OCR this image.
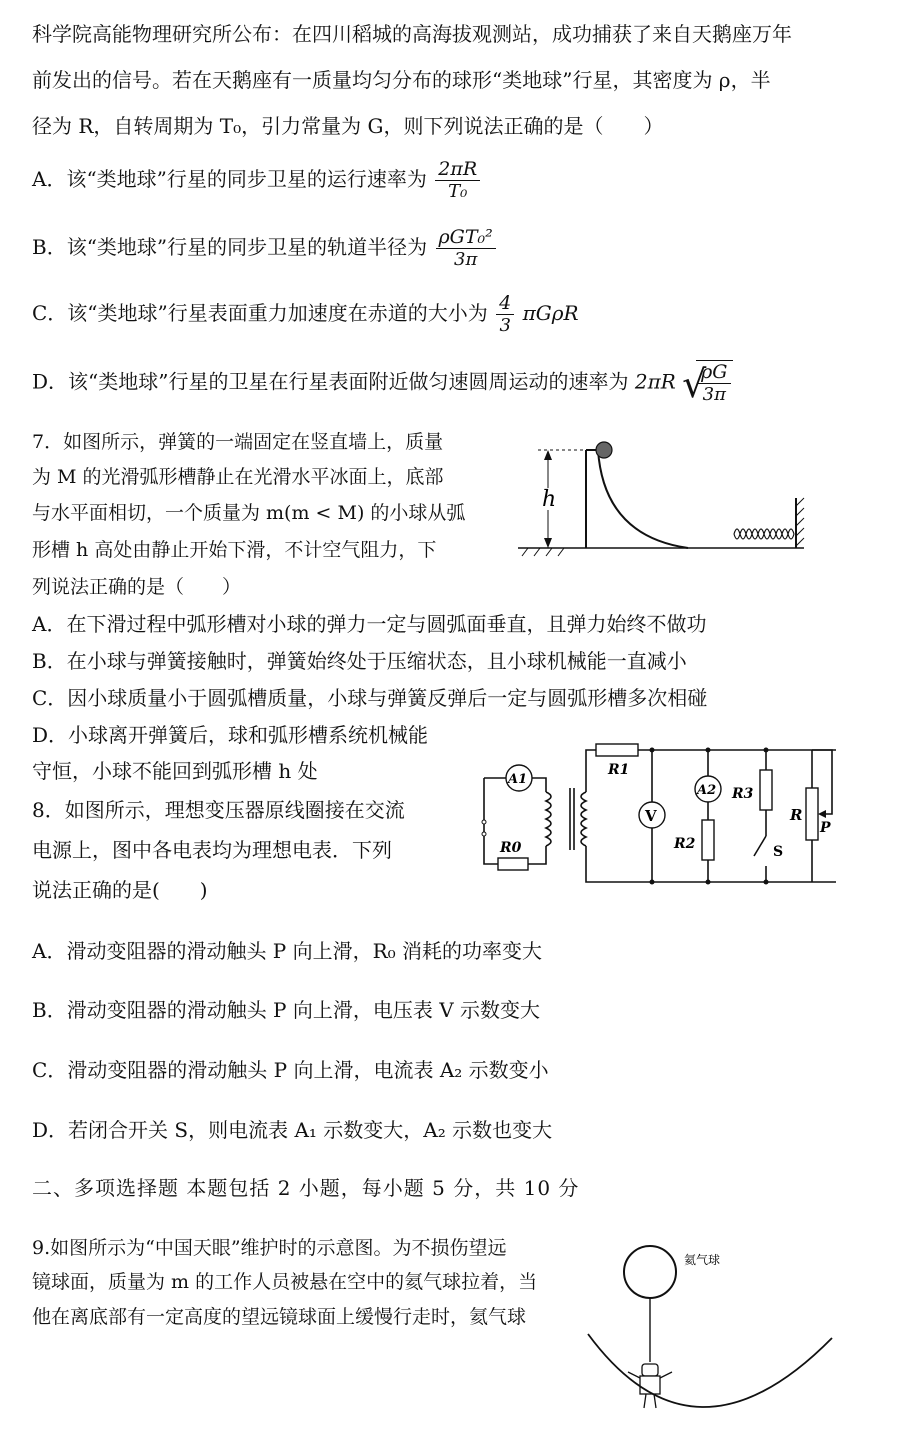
科学院高能物理研究所公布：在四川稻城的高海拔观测站，成功捕获了来自天鹅座万年
前发出的信号。若在天鹅座有一质量均匀分布的球形“类地球”行星，其密度为 ρ，半
径为 R，自转周期为 T₀，引力常量为 G，则下列说法正确的是（　　）
A．该“类地球”行星的同步卫星的运行速率为 $\frac{2\pi R}{\text{T₀}}$
B．该“类地球”行星的同步卫星的轨道半径为 $\frac{\text{ρGT₀²}}{3\pi}$
C．该“类地球”行星表面重力加速度在赤道的大小为 $\frac{4}{3}$ πGρR
D．该“类地球”行星的卫星在行星表面附近做匀速圆周运动的速率为 2πR √
$\frac{\rho G}{3\pi}$
7．如图所示，弹簧的一端固定在竖直墙上，质量
为 M 的光滑弧形槽静止在光滑水平冰面上，底部
与水平面相切，一个质量为 m(m < M) 的小球从弧
形槽 h 高处由静止开始下滑，不计空气阻力，下
列说法正确的是（　　）
h
A．在下滑过程中弧形槽对小球的弹力一定与圆弧面垂直，且弹力始终不做功
B．在小球与弹簧接触时，弹簧始终处于压缩状态，且小球机械能一直减小
C．因小球质量小于圆弧槽质量，小球与弹簧反弹后一定与圆弧形槽多次相碰
D．小球离开弹簧后，球和弧形槽系统机械能
守恒，小球不能回到弧形槽 h 处
8．如图所示，理想变压器原线圈接在交流
电源上，图中各电表均为理想电表．下列
说法正确的是(　　)
R1
A1
R0
V
A2
R2
R3
S
R
P
A．滑动变阻器的滑动触头 P 向上滑，R₀ 消耗的功率变大
B．滑动变阻器的滑动触头 P 向上滑，电压表 V 示数变大
C．滑动变阻器的滑动触头 P 向上滑，电流表 A₂ 示数变小
D．若闭合开关 S，则电流表 A₁ 示数变大，A₂ 示数也变大
二、多项选择题 本题包括 2 小题，每小题 5 分，共 10 分
9.如图所示为“中国天眼”维护时的示意图。为不损伤望远
镜球面，质量为 m 的工作人员被悬在空中的氦气球拉着，当
他在离底部有一定高度的望远镜球面上缓慢行走时，氦气球
氦气球
